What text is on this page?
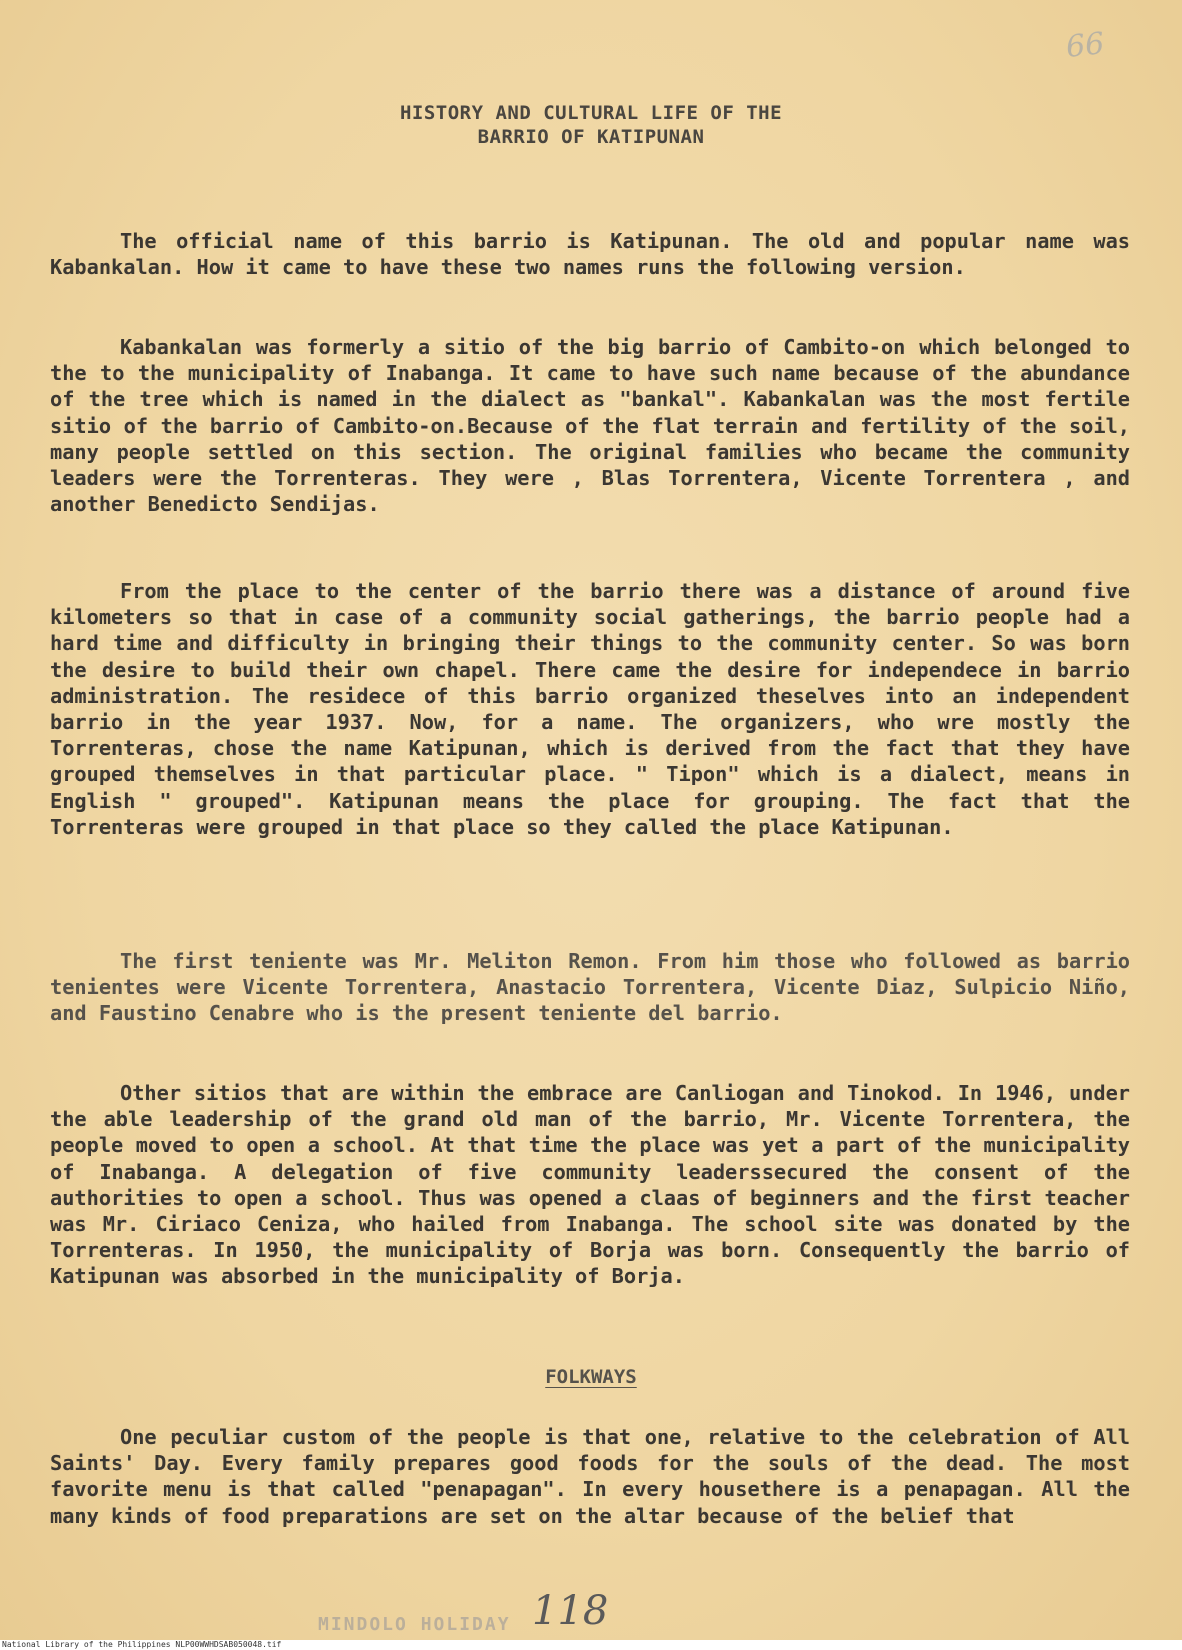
66
HISTORY AND CULTURAL LIFE OF THE
BARRIO OF KATIPUNAN

The official name of this barrio is Katipunan. The old and popular name was Kabankalan. How it came to have these two names runs the following version.

Kabankalan was formerly a sitio of the big barrio of Cambito-on which belonged to the to the municipality of Inabanga. It came to have such name because of the abundance of the tree which is named in the dialect as "bankal". Kabankalan was the most fertile sitio of the barrio of Cambito-on.Because of the flat terrain and fertility of the soil, many people settled on this section. The original families who became the community leaders were the Torrenteras. They were , Blas Torrentera, Vicente Torrentera , and another Benedicto Sendijas.

From the place to the center of the barrio there was a distance of around five kilometers so that in case of a community social gatherings, the barrio people had a hard time and difficulty in bringing their things to the community center. So was born the desire to build their own chapel. There came the desire for independece in barrio administration. The residece of this barrio organized theselves into an independent barrio in the year 1937. Now, for a name. The organizers, who wre mostly the Torrenteras, chose the name Katipunan, which is derived from the fact that they have grouped themselves in that particular place. " Tipon" which is a dialect, means in English " grouped". Katipunan means the place for grouping. The fact that the Torrenteras were grouped in that place so they called the place Katipunan.

The first teniente was Mr. Meliton Remon. From him those who followed as barrio tenientes were Vicente Torrentera, Anastacio Torrentera, Vicente Diaz, Sulpicio Niño, and Faustino Cenabre who is the present teniente del barrio.

Other sitios that are within the embrace are Canliogan and Tinokod. In 1946, under the able leadership of the grand old man of the barrio, Mr. Vicente Torrentera, the people moved to open a school. At that time the place was yet a part of the municipality of Inabanga. A delegation of five community leaderssecured the consent of the authorities to open a school. Thus was opened a claas of beginners and the first teacher was Mr. Ciriaco Ceniza, who hailed from Inabanga. The school site was donated by the Torrenteras. In 1950, the municipality of Borja was born. Consequently the barrio of Katipunan was absorbed in the municipality of Borja.

FOLKWAYS

One peculiar custom of the people is that one, relative to the celebration of All Saints' Day. Every family prepares good foods for the souls of the dead. The most favorite menu is that called "penapagan". In every housethere is a penapagan. All the many kinds of food preparations are set on the altar because of the belief that

MINDOLO HOLIDAY 118
National Library of the Philippines NLP00WWHDSAB050048.tif
